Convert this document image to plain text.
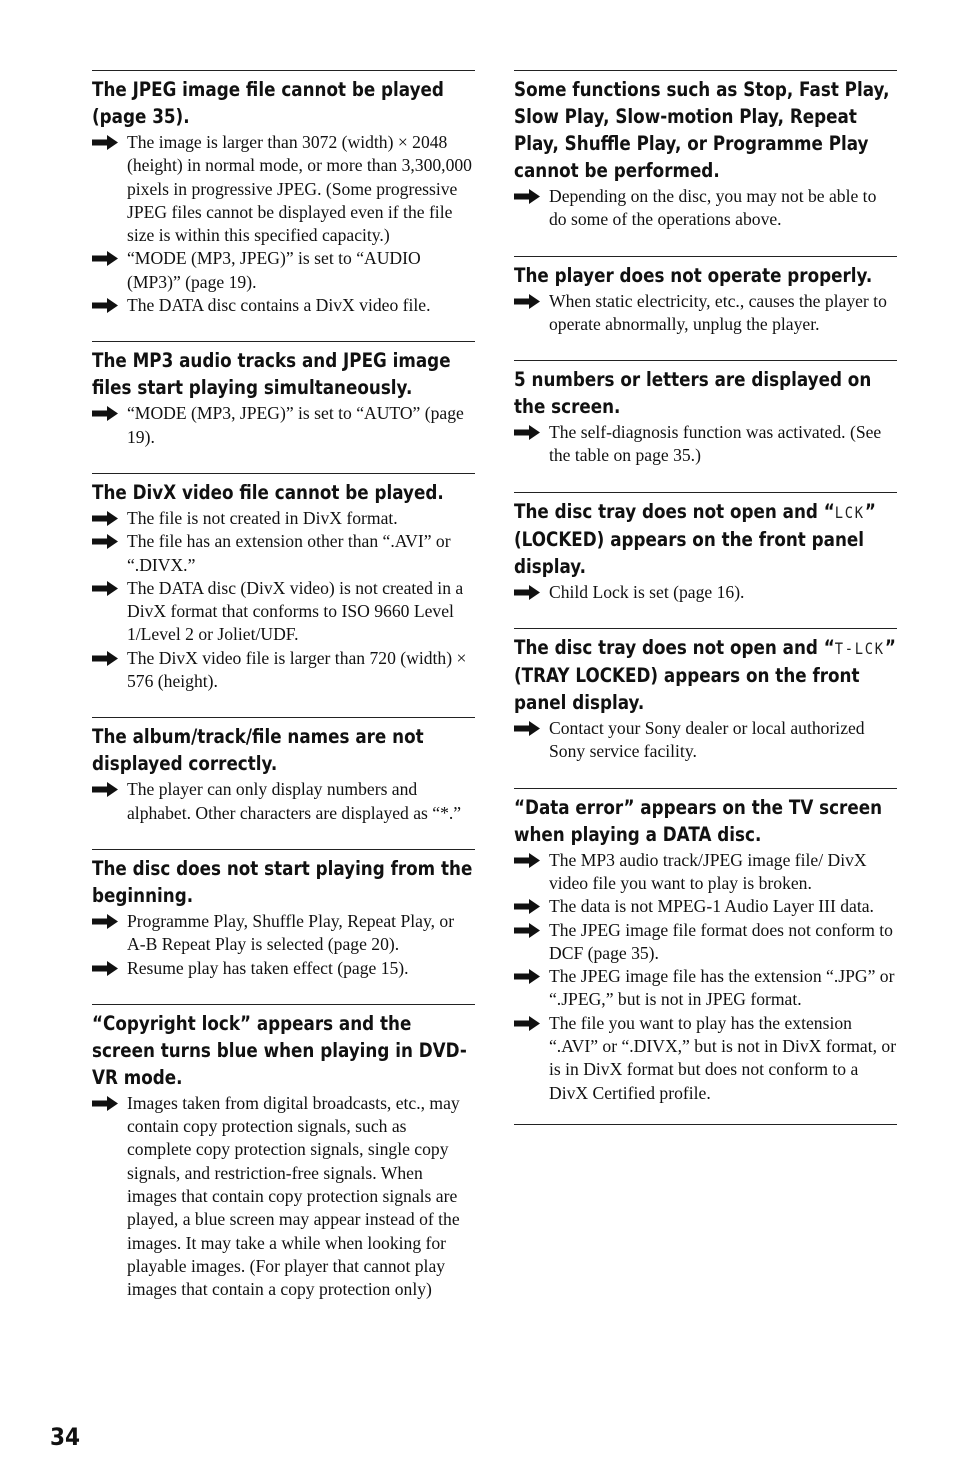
The JPEG image file cannot be played (page 35).
The image is larger than 3072 (width) × 2048 (height) in normal mode, or more than 3,300,000 pixels in progressive JPEG. (Some progressive JPEG files cannot be displayed even if the file size is within this specified capacity.)
“MODE (MP3, JPEG)” is set to “AUDIO (MP3)” (page 19).
The DATA disc contains a DivX video file.
The MP3 audio tracks and JPEG image files start playing simultaneously.
“MODE (MP3, JPEG)” is set to “AUTO” (page 19).
The DivX video file cannot be played.
The file is not created in DivX format.
The file has an extension other than “.AVI” or “.DIVX.”
The DATA disc (DivX video) is not created in a DivX format that conforms to ISO 9660 Level 1/Level 2 or Joliet/UDF.
The DivX video file is larger than 720 (width) × 576 (height).
The album/track/file names are not displayed correctly.
The player can only display numbers and alphabet. Other characters are displayed as “*.”
The disc does not start playing from the beginning.
Programme Play, Shuffle Play, Repeat Play, or A-B Repeat Play is selected (page 20).
Resume play has taken effect (page 15).
“Copyright lock” appears and the screen turns blue when playing in DVD-VR mode.
Images taken from digital broadcasts, etc., may contain copy protection signals, such as complete copy protection signals, single copy signals, and restriction-free signals. When images that contain copy protection signals are played, a blue screen may appear instead of the images. It may take a while when looking for playable images. (For player that cannot play images that contain a copy protection only)
Some functions such as Stop, Fast Play, Slow Play, Slow-motion Play, Repeat Play, Shuffle Play, or Programme Play cannot be performed.
Depending on the disc, you may not be able to do some of the operations above.
The player does not operate properly.
When static electricity, etc., causes the player to operate abnormally, unplug the player.
5 numbers or letters are displayed on the screen.
The self-diagnosis function was activated. (See the table on page 35.)
The disc tray does not open and “LCK” (LOCKED) appears on the front panel display.
Child Lock is set (page 16).
The disc tray does not open and “T-LCK” (TRAY LOCKED) appears on the front panel display.
Contact your Sony dealer or local authorized Sony service facility.
“Data error” appears on the TV screen when playing a DATA disc.
The MP3 audio track/JPEG image file/ DivX video file you want to play is broken.
The data is not MPEG-1 Audio Layer III data.
The JPEG image file format does not conform to DCF (page 35).
The JPEG image file has the extension “.JPG” or “.JPEG,” but is not in JPEG format.
The file you want to play has the extension “.AVI” or “.DIVX,” but is not in DivX format, or is in DivX format but does not conform to a DivX Certified profile.
34
